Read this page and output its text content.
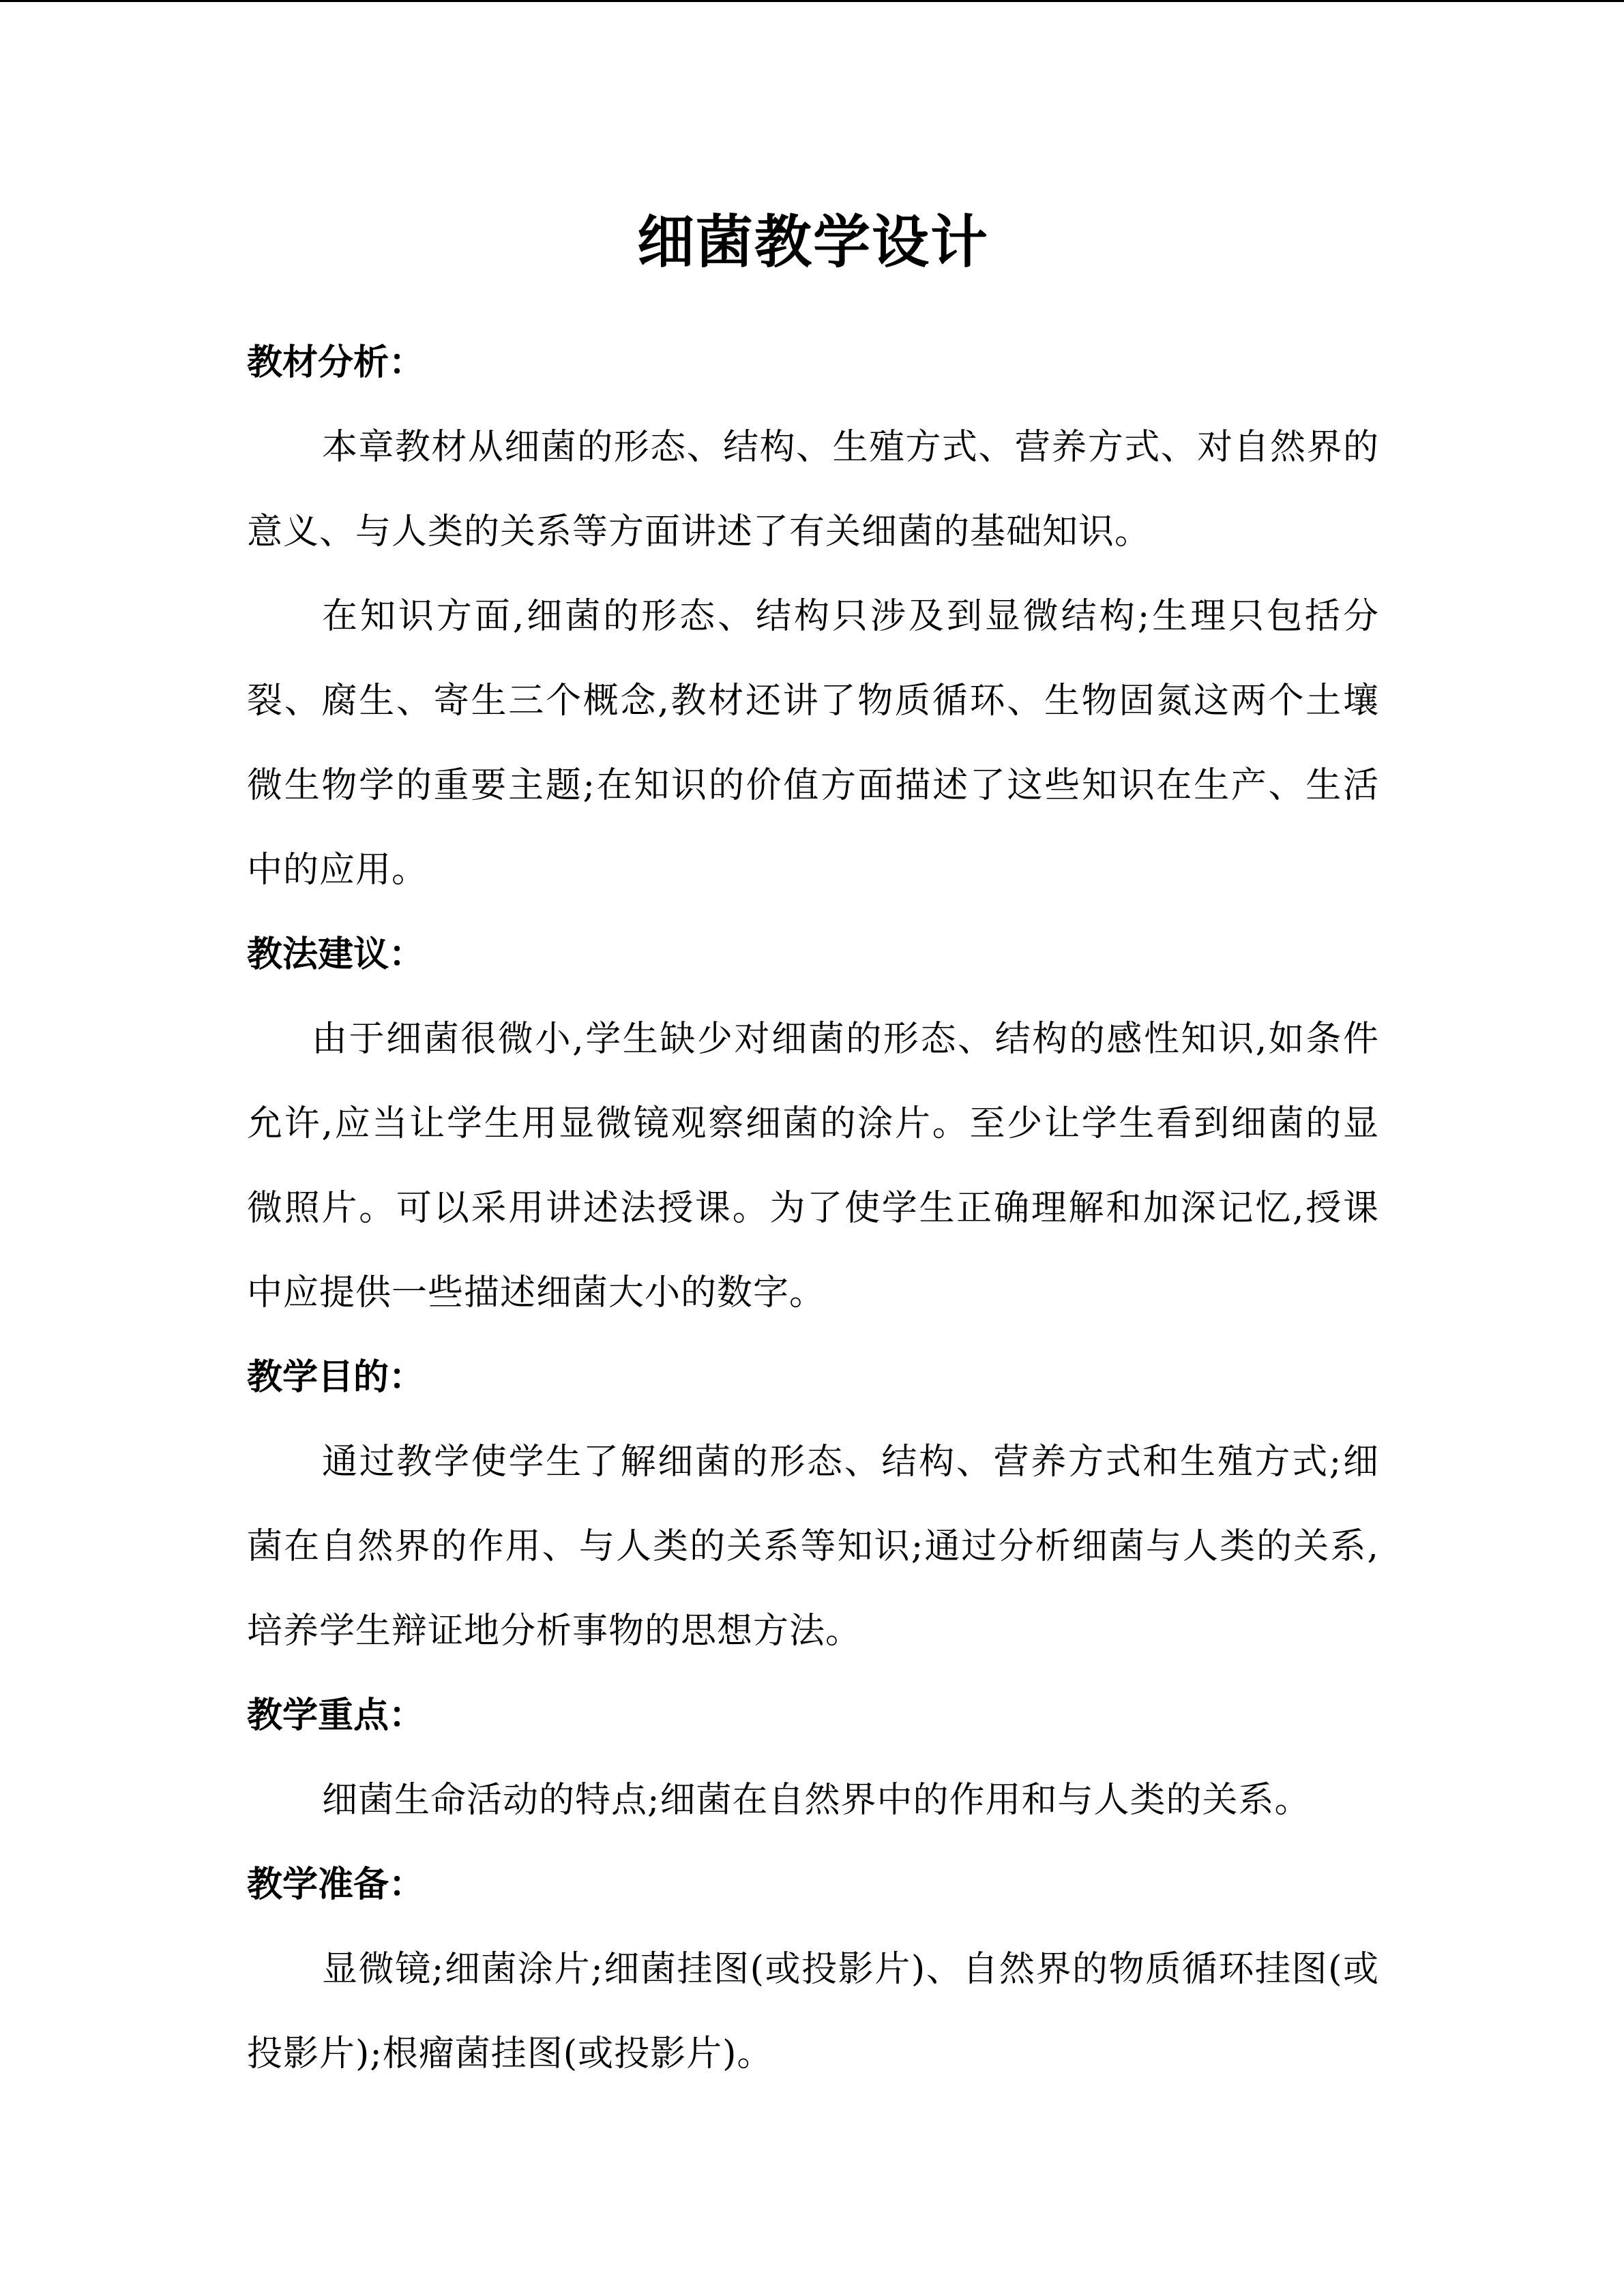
细菌教学设计
教材分析：

本章教材从细菌的形态、结构、生殖方式、营养方式、对自然界的意义、与人类的关系等方面讲述了有关细菌的基础知识。

在知识方面,细菌的形态、结构只涉及到显微结构;生理只包括分裂、腐生、寄生三个概念,教材还讲了物质循环、生物固氮这两个土壤微生物学的重要主题;在知识的价值方面描述了这些知识在生产、生活中的应用。

教法建议：

由于细菌很微小,学生缺少对细菌的形态、结构的感性知识,如条件允许,应当让学生用显微镜观察细菌的涂片。至少让学生看到细菌的显微照片。可以采用讲述法授课。为了使学生正确理解和加深记忆,授课中应提供一些描述细菌大小的数字。

教学目的：

通过教学使学生了解细菌的形态、结构、营养方式和生殖方式;细菌在自然界的作用、与人类的关系等知识;通过分析细菌与人类的关系,培养学生辩证地分析事物的思想方法。

教学重点：

细菌生命活动的特点;细菌在自然界中的作用和与人类的关系。

教学准备：

显微镜;细菌涂片;细菌挂图(或投影片)、自然界的物质循环挂图(或投影片);根瘤菌挂图(或投影片)。
